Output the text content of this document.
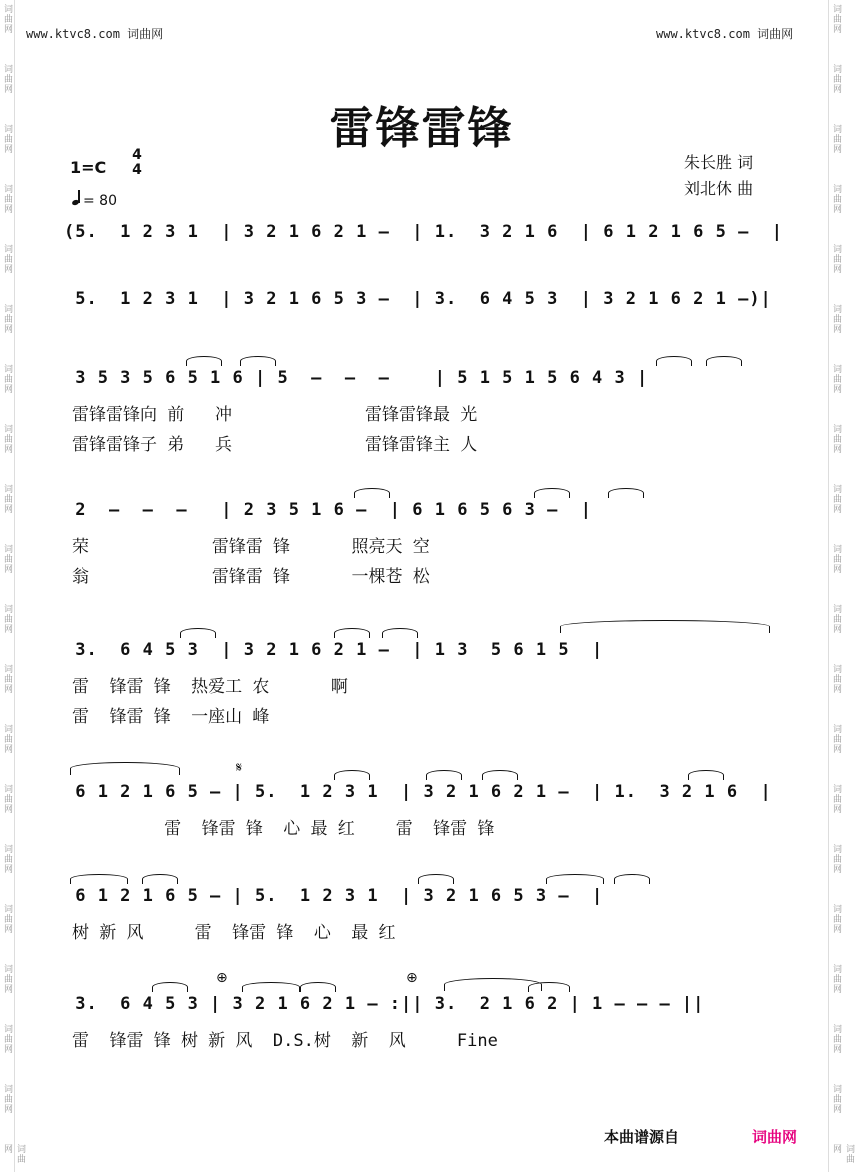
词曲网
词曲网
词曲网
词曲网
词曲网
词曲网
词曲网
词曲网
词曲网
词曲网
词曲网
词曲网
词曲网
词曲网
词曲网
词曲网
词曲网
词曲网
词曲网
词曲网
词曲网
词曲网
词曲网
词曲网
词曲网
词曲网
词曲网
词曲网
词曲网
词曲网
词曲网
词曲网
词曲网
词曲网
词曲网
词曲网
词曲网
词曲网
词曲网
词曲网
www.ktvc8.com 词曲网	www.ktvc8.com 词曲网
雷锋雷锋
1=C
4
4
= 80
朱长胜 词
刘北休 曲
(5.  1 2 3 1  | 3 2 1 6 2 1 —  | 1.  3 2 1 6  | 6 1 2 1 6 5 —  |
5.  1 2 3 1  | 3 2 1 6 5 3 —  | 3.  6 4 5 3  | 3 2 1 6 2 1 —)|
3 5 3 5 6 5 1 6 | 5  —  —  —    | 5 1 5 1 5 6 4 3 |
雷锋雷锋向 前   冲             雷锋雷锋最 光
雷锋雷锋子 弟   兵             雷锋雷锋主 人
2  —  —  —   | 2 3 5 1 6 —  | 6 1 6 5 6 3 —  |
荣            雷锋雷 锋      照亮天 空
翁            雷锋雷 锋      一棵苍 松
3.  6 4 5 3  | 3 2 1 6 2 1 —  | 1 3  5 6 1 5  |
雷  锋雷 锋  热爱工 农      啊
雷  锋雷 锋  一座山 峰
𝄋
6 1 2 1 6 5 — | 5.  1 2 3 1  | 3 2 1 6 2 1 —  | 1.  3 2 1 6  |
雷  锋雷 锋  心 最 红    雷  锋雷 锋
6 1 2 1 6 5 — | 5.  1 2 3 1  | 3 2 1 6 5 3 —  |
树 新 风     雷  锋雷 锋  心  最 红
⊕	⊕
3.  6 4 5 3 | 3 2 1 6 2 1 — :|| 3.  2 1 6 2 | 1 — — — ||
雷  锋雷 锋 树 新 风  D.S.树  新  风     Fine
本曲谱源自	词曲网
